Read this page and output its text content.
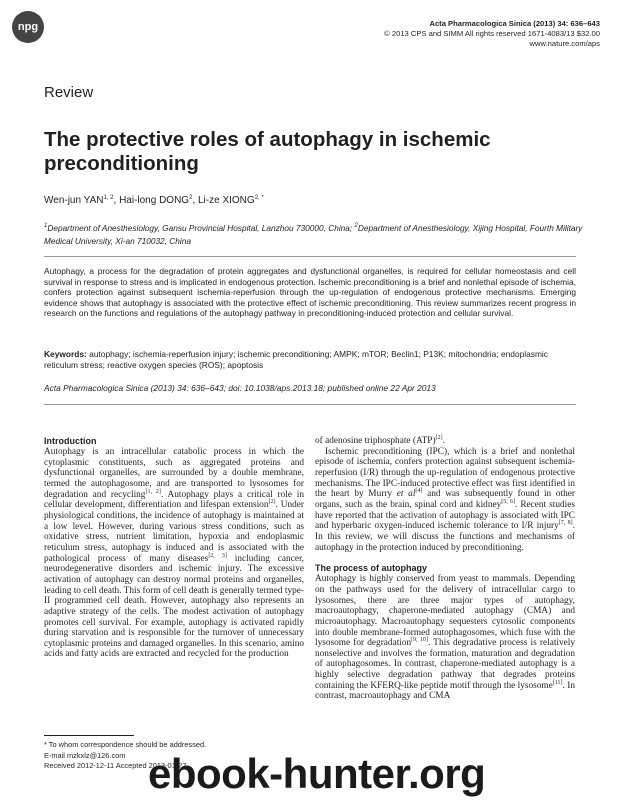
npg	Acta Pharmacologica Sinica (2013) 34: 636–643
© 2013 CPS and SIMM All rights reserved 1671-4083/13 $32.00
www.nature.com/aps
Review
The protective roles of autophagy in ischemic preconditioning
Wen-jun YAN$^{1, 2}$, Hai-long DONG$^2$, Li-ze $XIONG^{2, *}$
$^1$Department of Anesthesiology, Gansu Provincial Hospital, Lanzhou 730000, China; $^2$Department of Anesthesiology, Xijing Hospital, Fourth Military Medical University, Xi-an 710032, China
Autophagy, a process for the degradation of protein aggregates and dysfunctional organelles, is required for cellular homeostasis and cell survival in response to stress and is implicated in endogenous protection. Ischemic preconditioning is a brief and nonlethal episode of ischemia, confers protection against subsequent ischemia-reperfusion through the up-regulation of endogenous protective mechanisms. Emerging evidence shows that autophagy is associated with the protective effect of ischemic preconditioning. This review summarizes recent progress in research on the functions and regulations of the autophagy pathway in preconditioning-induced protection and cellular survival.
Keywords: autophagy; ischemia-reperfusion injury; ischemic preconditioning; AMPK; mTOR; Beclin1; P13K; mitochondria; endoplasmic reticulum stress; reactive oxygen species (ROS); apoptosis
Acta Pharmacologica Sinica (2013) 34: 636–643; doi: 10.1038/aps.2013.18; published online 22 Apr 2013
Introduction

Autophagy is an intracellular catabolic process in which the cytoplasmic constituents, such as aggregated proteins and dysfunctional organelles, are surrounded by a double membrane, termed the autophagosome, and are transported to lysosomes for degradation and recycling[1, 2]. Autophagy plays a critical role in cellular development, differentiation and lifespan extension[2]. Under physiological conditions, the incidence of autophagy is maintained at a low level. However, during various stress conditions, such as oxidative stress, nutrient limitation, hypoxia and endoplasmic reticulum stress, autophagy is induced and is associated with the pathological process of many diseases[2, 3] including cancer, neurodegenerative disorders and ischemic injury. The excessive activation of autophagy can destroy normal proteins and organelles, leading to cell death. This form of cell death is generally termed type-II programmed cell death. However, autophagy also represents an adaptive strategy of the cells. The modest activation of autophagy promotes cell survival. For example, autophagy is activated rapidly during starvation and is responsible for the turnover of unnecessary cytoplasmic proteins and damaged organelles. In this scenario, amino acids and fatty acids are extracted and recycled for the production

of adenosine triphosphate (ATP)[2].

Ischemic preconditioning (IPC), which is a brief and nonlethal episode of ischemia, confers protection against subsequent ischemia-reperfusion (I/R) through the up-regulation of endogenous protective mechanisms. The IPC-induced protective effect was first identified in the heart by Murry et al[4] and was subsequently found in other organs, such as the brain, spinal cord and kidney[5, 6]. Recent studies have reported that the activation of autophagy is associated with IPC and hyperbaric oxygen-induced ischemic tolerance to I/R injury[7, 8]. In this review, we will discuss the functions and mechanisms of autophagy in the protection induced by preconditioning.

The process of autophagy

Autophagy is highly conserved from yeast to mammals. Depending on the pathways used for the delivery of intracellular cargo to lysosomes, there are three major types of autophagy, macroautophagy, chaperone-mediated autophagy (CMA) and microautophagy. Macroautophagy sequesters cytosolic components into double membrane-formed autophagosomes, which fuse with the lysosome for degradation[9, 10]. This degradative process is relatively nonselective and involves the formation, maturation and degradation of autophagosomes. In contrast, chaperone-mediated autophagy is a highly selective degradation pathway that degrades proteins containing the KFERQ-like peptide motif through the lysosome[11]. In contrast, macroautophagy and CMA

* To whom correspondence should be addressed.
E-mail mzkxlz@126.com
Received 2012-12-11 Accepted 2013-01-27
ebook-hunter.org
